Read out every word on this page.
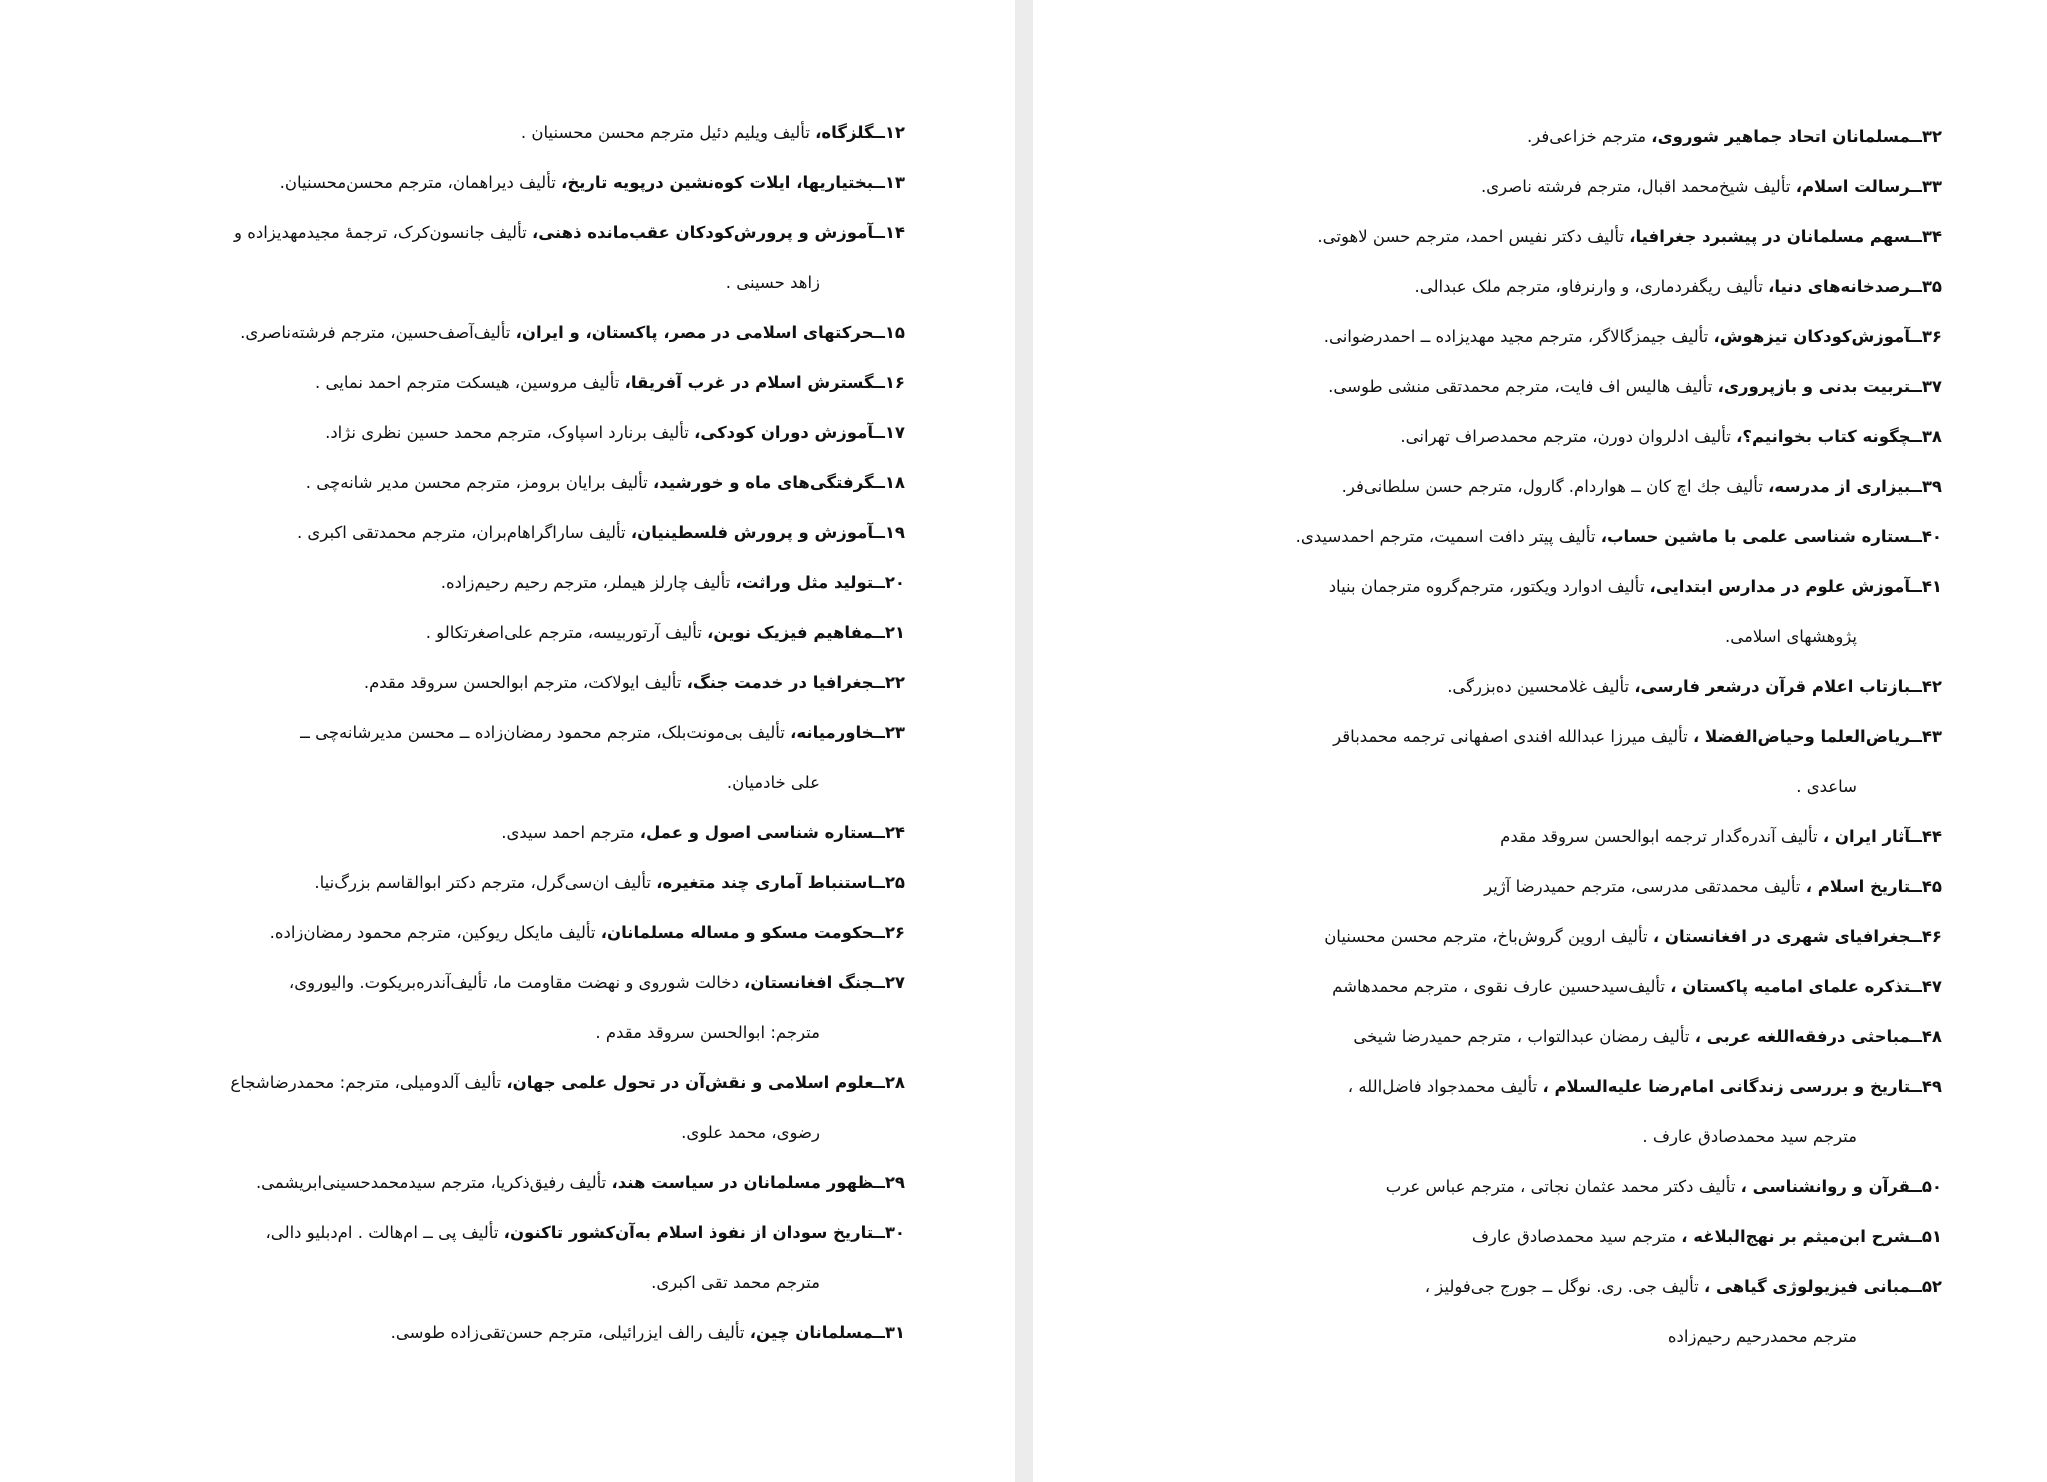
۱۲ــگلزگاه، تألیف ویلیم دئیل مترجم محسن محسنیان .
۱۳ــبختیاریها، ایلات کوه‌نشین درپویه تاریخ، تألیف دیراهمان، مترجم محسن‌محسنیان.
۱۴ــآموزش و پرورش‌کودکان عقب‌مانده ذهنی، تألیف جانسون‌کرک، ترجمهٔ مجیدمهدیزاده و
زاهد حسینی .
۱۵ــحرکتهای اسلامی در مصر، پاکستان، و ایران، تألیف‌آصف‌حسین، مترجم فرشته‌ناصری.
۱۶ــگسترش اسلام در غرب آفریقا، تألیف مروسین، هیسکت مترجم احمد نمایی .
۱۷ــآموزش دوران کودکی، تألیف برنارد اسپاوک، مترجم محمد حسین نظری نژاد.
۱۸ــگرفتگی‌های ماه و خورشید، تألیف برایان برومز، مترجم محسن مدیر شانه‌چی .
۱۹ــآموزش و پرورش فلسطینیان، تألیف ساراگراهام‌بران، مترجم محمدتقی اکبری .
۲۰ــتولید مثل وراثت، تألیف چارلز هیملر، مترجم رحیم رحیم‌زاده.
۲۱ــمفاهیم فیزیک نوین، تألیف آرتوربیسه، مترجم علی‌اصغرتکالو .
۲۲ــجغرافیا در خدمت جنگ، تألیف ایولاکت، مترجم ابوالحسن سروقد مقدم.
۲۳ــخاورمیانه، تألیف بی‌مونت‌بلک، مترجم محمود رمضان‌زاده ــ محسن مدیرشانه‌چی ــ
علی خادمیان.
۲۴ــستاره شناسی اصول و عمل، مترجم احمد سیدی.
۲۵ــاستنباط آماری چند متغیره، تألیف ان‌سی‌گرل، مترجم دکتر ابوالقاسم بزرگ‌نیا.
۲۶ــحکومت مسکو و مساله مسلمانان، تألیف مایکل ریوکین، مترجم محمود رمضان‌زاده.
۲۷ــجنگ افغانستان، دخالت شوروی و نهضت مقاومت ما، تألیف‌آندره‌بریکوت. والیوروی،
مترجم: ابوالحسن سروقد مقدم .
۲۸ــعلوم اسلامی و نقش‌آن در تحول علمی جهان، تألیف آلدومیلی، مترجم: محمدرضاشجاع
رضوی، محمد علوی.
۲۹ــظهور مسلمانان در سیاست هند، تألیف رفیق‌ذکریا، مترجم سیدمحمدحسینی‌ابریشمی.
۳۰ــتاریخ سودان از نفوذ اسلام به‌آن‌کشور تاکنون، تألیف پی ــ ام‌هالت . ام‌دبلیو دالی،
مترجم محمد تقی اکبری.
۳۱ــمسلمانان چین، تألیف رالف ایزرائیلی، مترجم حسن‌تقی‌زاده طوسی.
۳۲ــمسلمانان اتحاد جماهیر شوروی، مترجم خزاعی‌فر.
۳۳ــرسالت اسلام، تألیف شیخ‌محمد اقبال، مترجم فرشته ناصری.
۳۴ــسهم مسلمانان در پیشبرد جغرافیا، تألیف دکتر نفیس احمد، مترجم حسن لاهوتی.
۳۵ــرصدخانه‌های دنیا، تألیف ریگفردماری، و وارنرفاو، مترجم ملک عبدالی.
۳۶ــآموزش‌کودکان تیزهوش، تألیف جیمزگالاگر، مترجم مجید مهدیزاده ــ احمدرضوانی.
۳۷ــتربیت بدنی و بازپروری، تألیف هالیس اف فایت، مترجم محمدتقی منشی طوسی.
۳۸ــچگونه کتاب بخوانیم؟، تألیف ادلروان دورن، مترجم محمدصراف تهرانی.
۳۹ــبیزاری از مدرسه، تألیف جك اچ کان ــ هواردام. گارول، مترجم حسن سلطانی‌فر.
۴۰ــستاره شناسی علمی با ماشین حساب، تألیف پیتر دافت اسمیت، مترجم احمدسیدی.
۴۱ــآموزش علوم در مدارس ابتدایی، تألیف ادوارد ویکتور، مترجم‌گروه مترجمان بنیاد
پژوهشهای اسلامی.
۴۲ــبازتاب اعلام قرآن درشعر فارسی، تألیف غلامحسین ده‌بزرگی.
۴۳ــریاض‌العلما وحیاض‌الفضلا ، تألیف میرزا عبدالله افندی اصفهانی ترجمه محمدباقر
ساعدی .
۴۴ــآثار ایران ، تألیف آندره‌گدار ترجمه ابوالحسن سروقد مقدم
۴۵ــتاریخ اسلام ، تألیف محمدتقی مدرسی، مترجم حمیدرضا آژیر
۴۶ــجغرافیای شهری در افغانستان ، تألیف اروین گروش‌باخ، مترجم محسن محسنیان
۴۷ــتذکره علمای امامیه پاکستان ، تألیف‌سیدحسین عارف نقوی ، مترجم محمدهاشم
۴۸ــمباحثی درفقه‌اللغه عربی ، تألیف رمضان عبدالتواب ، مترجم حمیدرضا شیخی
۴۹ــتاریخ و بررسی زندگانی امام‌رضا علیه‌السلام ، تألیف محمدجواد فاضل‌الله ،
مترجم سید محمدصادق عارف .
۵۰ــقرآن و روانشناسی ، تألیف دکتر محمد عثمان نجاتی ، مترجم عباس عرب
۵۱ــشرح ابن‌میثم بر نهج‌البلاغه ، مترجم سید محمدصادق عارف
۵۲ــمبانی فیزیولوژی گیاهی ، تألیف جی. ری. نوگل ــ جورج جی‌فولیز ،
مترجم محمدرحیم رحیم‌زاده
